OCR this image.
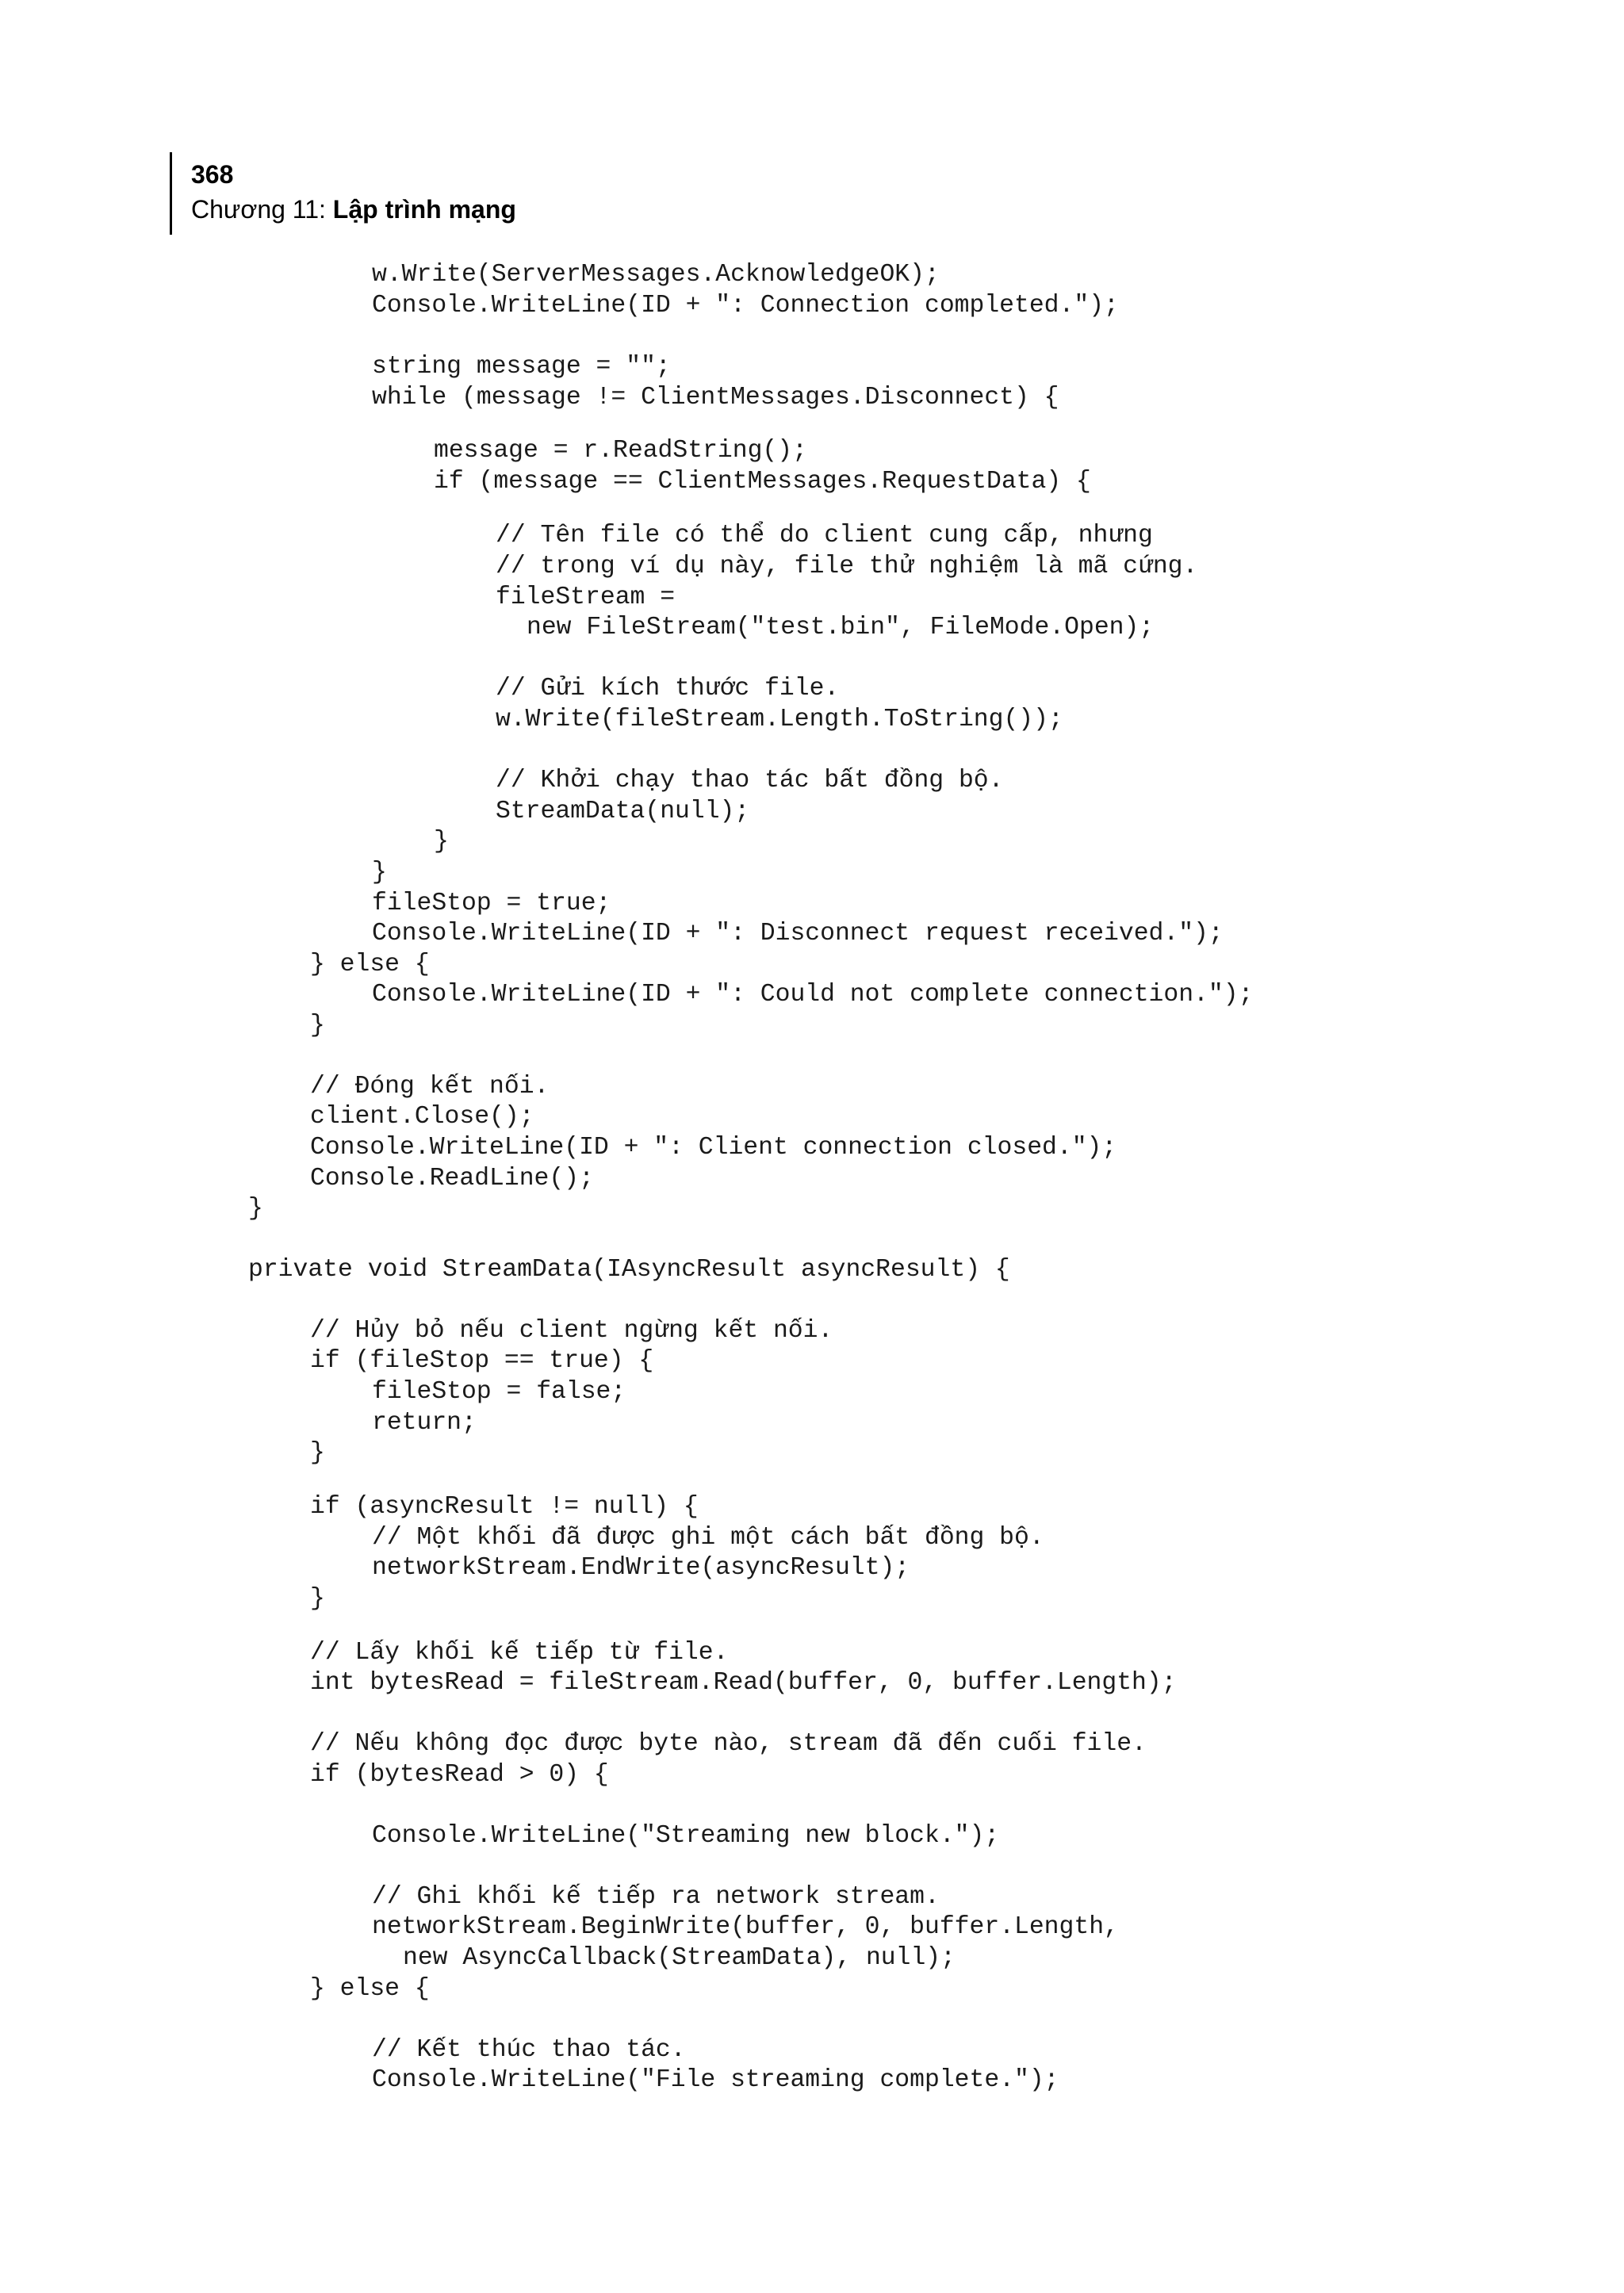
368
Chương 11: Lập trình mạng
w.Write(ServerMessages.AcknowledgeOK);
Console.WriteLine(ID + ": Connection completed.");
string message = "";
while (message != ClientMessages.Disconnect) {
message = r.ReadString();
if (message == ClientMessages.RequestData) {
// Tên file có thể do client cung cấp, nhưng
// trong ví dụ này, file thử nghiệm là mã cứng.
fileStream =
new FileStream("test.bin", FileMode.Open);
// Gửi kích thước file.
w.Write(fileStream.Length.ToString());
// Khởi chạy thao tác bất đồng bộ.
StreamData(null);
}
}
fileStop = true;
Console.WriteLine(ID + ": Disconnect request received.");
} else {
Console.WriteLine(ID + ": Could not complete connection.");
}
// Đóng kết nối.
client.Close();
Console.WriteLine(ID + ": Client connection closed.");
Console.ReadLine();
}
private void StreamData(IAsyncResult asyncResult) {
// Hủy bỏ nếu client ngừng kết nối.
if (fileStop == true) {
fileStop = false;
return;
}
if (asyncResult != null) {
// Một khối đã được ghi một cách bất đồng bộ.
networkStream.EndWrite(asyncResult);
}
// Lấy khối kế tiếp từ file.
int bytesRead = fileStream.Read(buffer, 0, buffer.Length);
// Nếu không đọc được byte nào, stream đã đến cuối file.
if (bytesRead > 0) {
Console.WriteLine("Streaming new block.");
// Ghi khối kế tiếp ra network stream.
networkStream.BeginWrite(buffer, 0, buffer.Length,
new AsyncCallback(StreamData), null);
} else {
// Kết thúc thao tác.
Console.WriteLine("File streaming complete.");
